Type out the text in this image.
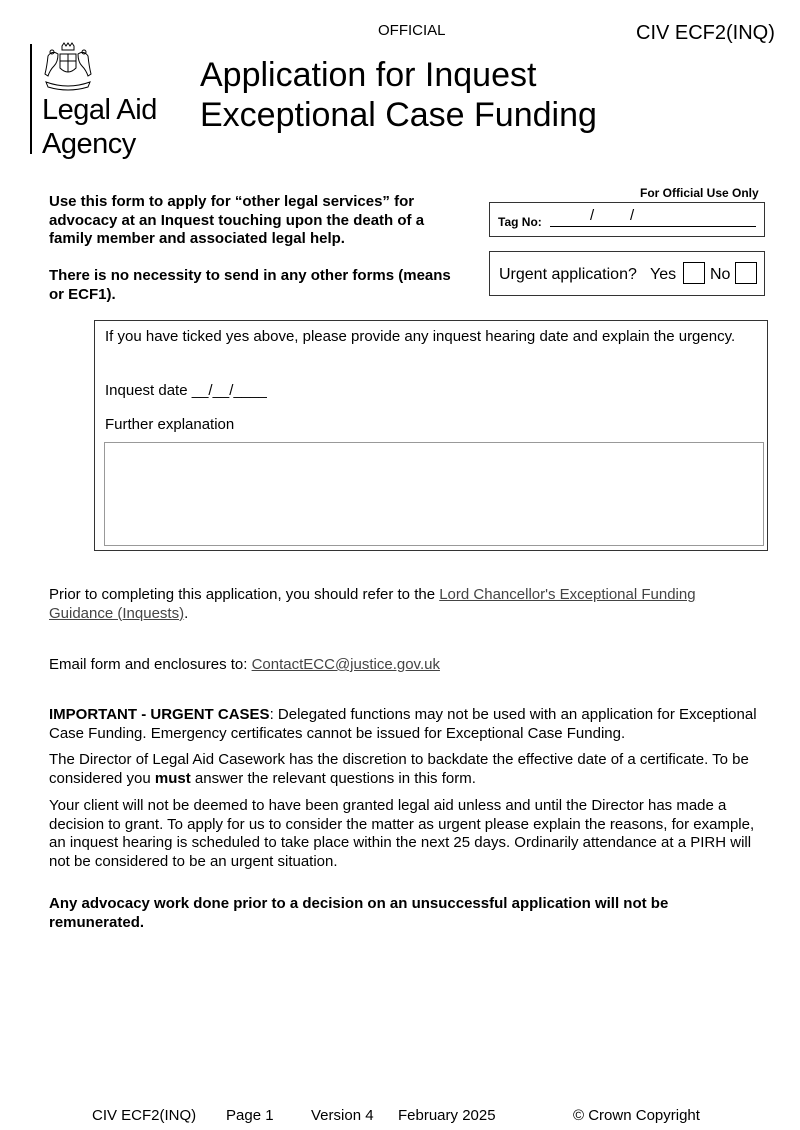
OFFICIAL	CIV ECF2(INQ)
Legal Aid
Agency
Application for Inquest
Exceptional Case Funding
Use this form to apply for “other legal services” for advocacy at an Inquest touching upon the death of a family member and associated legal help.
There is no necessity to send in any other forms (means or ECF1).
For Official Use Only
Tag No:	/ /
Urgent application? Yes No
If you have ticked yes above, please provide any inquest hearing date and explain the urgency.
Inquest date __/__/____
Further explanation
Prior to completing this application, you should refer to the Lord Chancellor's Exceptional Funding Guidance (Inquests).
Email form and enclosures to: ContactECC@justice.gov.uk
IMPORTANT - URGENT CASES: Delegated functions may not be used with an application for Exceptional Case Funding. Emergency certificates cannot be issued for Exceptional Case Funding.
The Director of Legal Aid Casework has the discretion to backdate the effective date of a certificate. To be considered you must answer the relevant questions in this form.
Your client will not be deemed to have been granted legal aid unless and until the Director has made a decision to grant. To apply for us to consider the matter as urgent please explain the reasons, for example, an inquest hearing is scheduled to take place within the next 25 days. Ordinarily attendance at a PIRH will not be considered to be an urgent situation.
Any advocacy work done prior to a decision on an unsuccessful application will not be remunerated.
CIV ECF2(INQ) Page 1 Version 4 February 2025	© Crown Copyright
